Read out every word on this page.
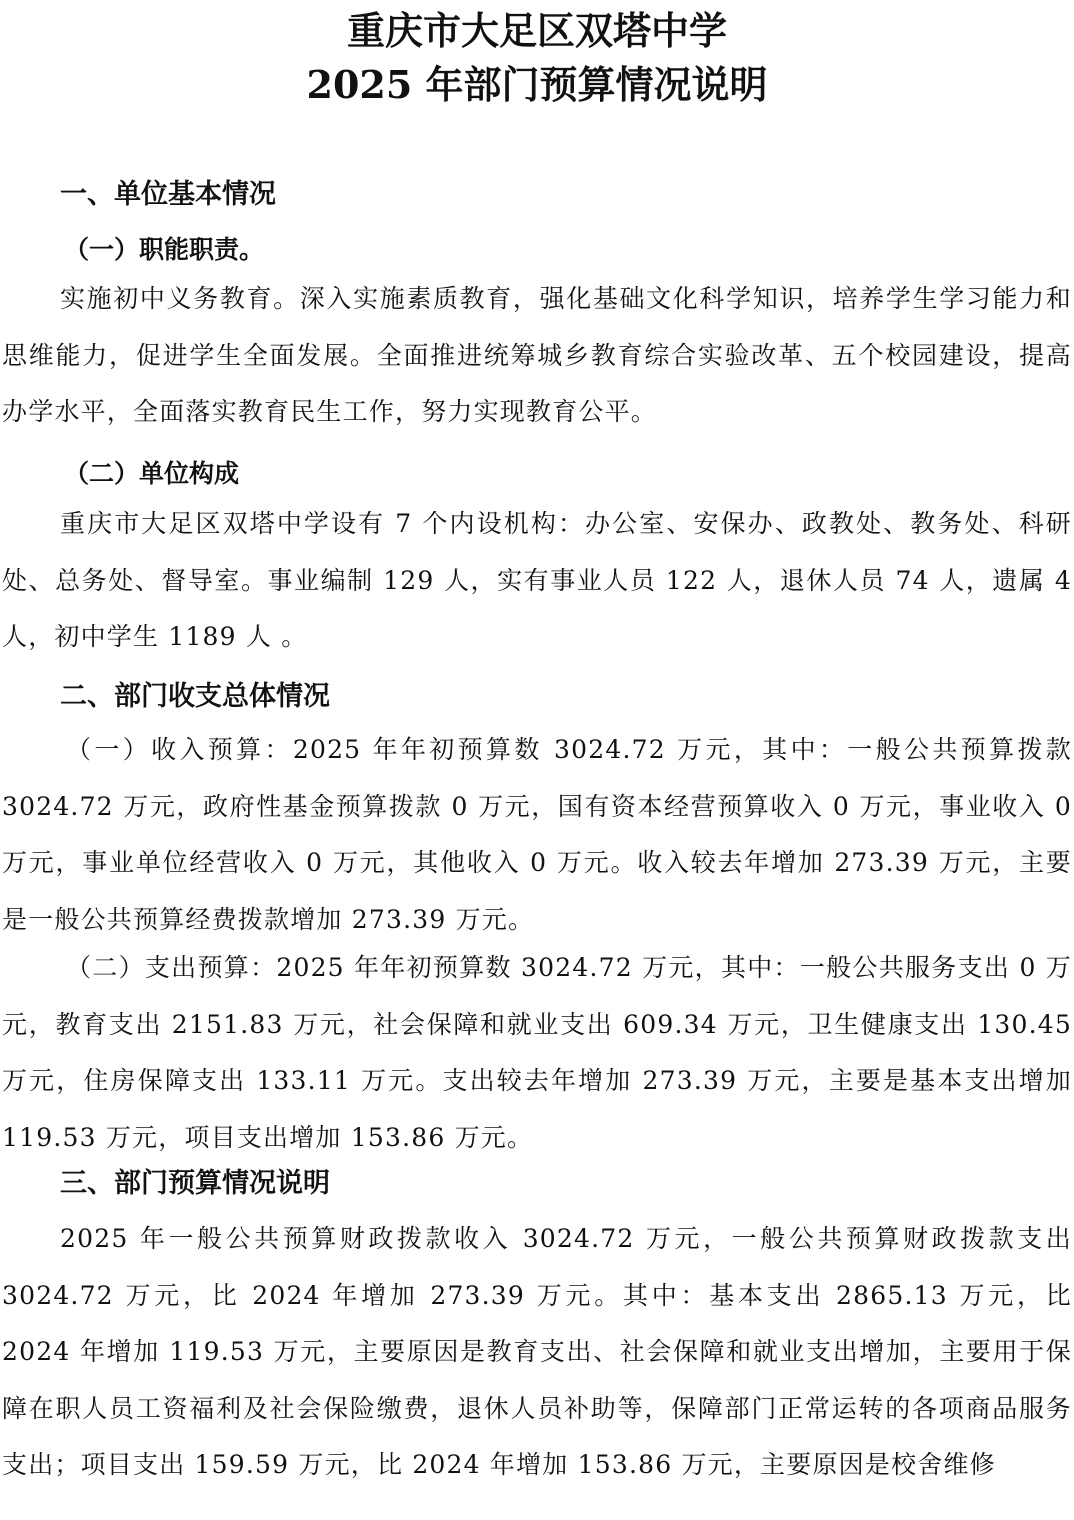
重庆市大足区双塔中学
2025 年部门预算情况说明
一、单位基本情况
（一）职能职责。

实施初中义务教育。深入实施素质教育，强化基础文化科学知识，培养学生学习能力和思维能力，促进学生全面发展。全面推进统筹城乡教育综合实验改革、五个校园建设，提高办学水平，全面落实教育民生工作，努力实现教育公平。

（二）单位构成

重庆市大足区双塔中学设有 7 个内设机构：办公室、安保办、政教处、教务处、科研处、总务处、督导室。事业编制 129 人，实有事业人员 122 人，退休人员 74 人，遗属 4 人，初中学生 1189 人 。

二、部门收支总体情况

（一）收入预算：2025 年年初预算数 3024.72 万元，其中：一般公共预算拨款 3024.72 万元，政府性基金预算拨款 0 万元，国有资本经营预算收入 0 万元，事业收入 0 万元，事业单位经营收入 0 万元，其他收入 0 万元。收入较去年增加 273.39 万元，主要是一般公共预算经费拨款增加 273.39 万元。

（二）支出预算：2025 年年初预算数 3024.72 万元，其中：一般公共服务支出 0 万元，教育支出 2151.83 万元，社会保障和就业支出 609.34 万元，卫生健康支出 130.45 万元，住房保障支出 133.11 万元。支出较去年增加 273.39 万元，主要是基本支出增加 119.53 万元，项目支出增加 153.86 万元。

三、部门预算情况说明

2025 年一般公共预算财政拨款收入 3024.72 万元，一般公共预算财政拨款支出 3024.72 万元，比 2024 年增加 273.39 万元。其中：基本支出 2865.13 万元，比 2024 年增加 119.53 万元，主要原因是教育支出、社会保障和就业支出增加，主要用于保障在职人员工资福利及社会保险缴费，退休人员补助等，保障部门正常运转的各项商品服务支出；项目支出 159.59 万元，比 2024 年增加 153.86 万元，主要原因是校舍维修
